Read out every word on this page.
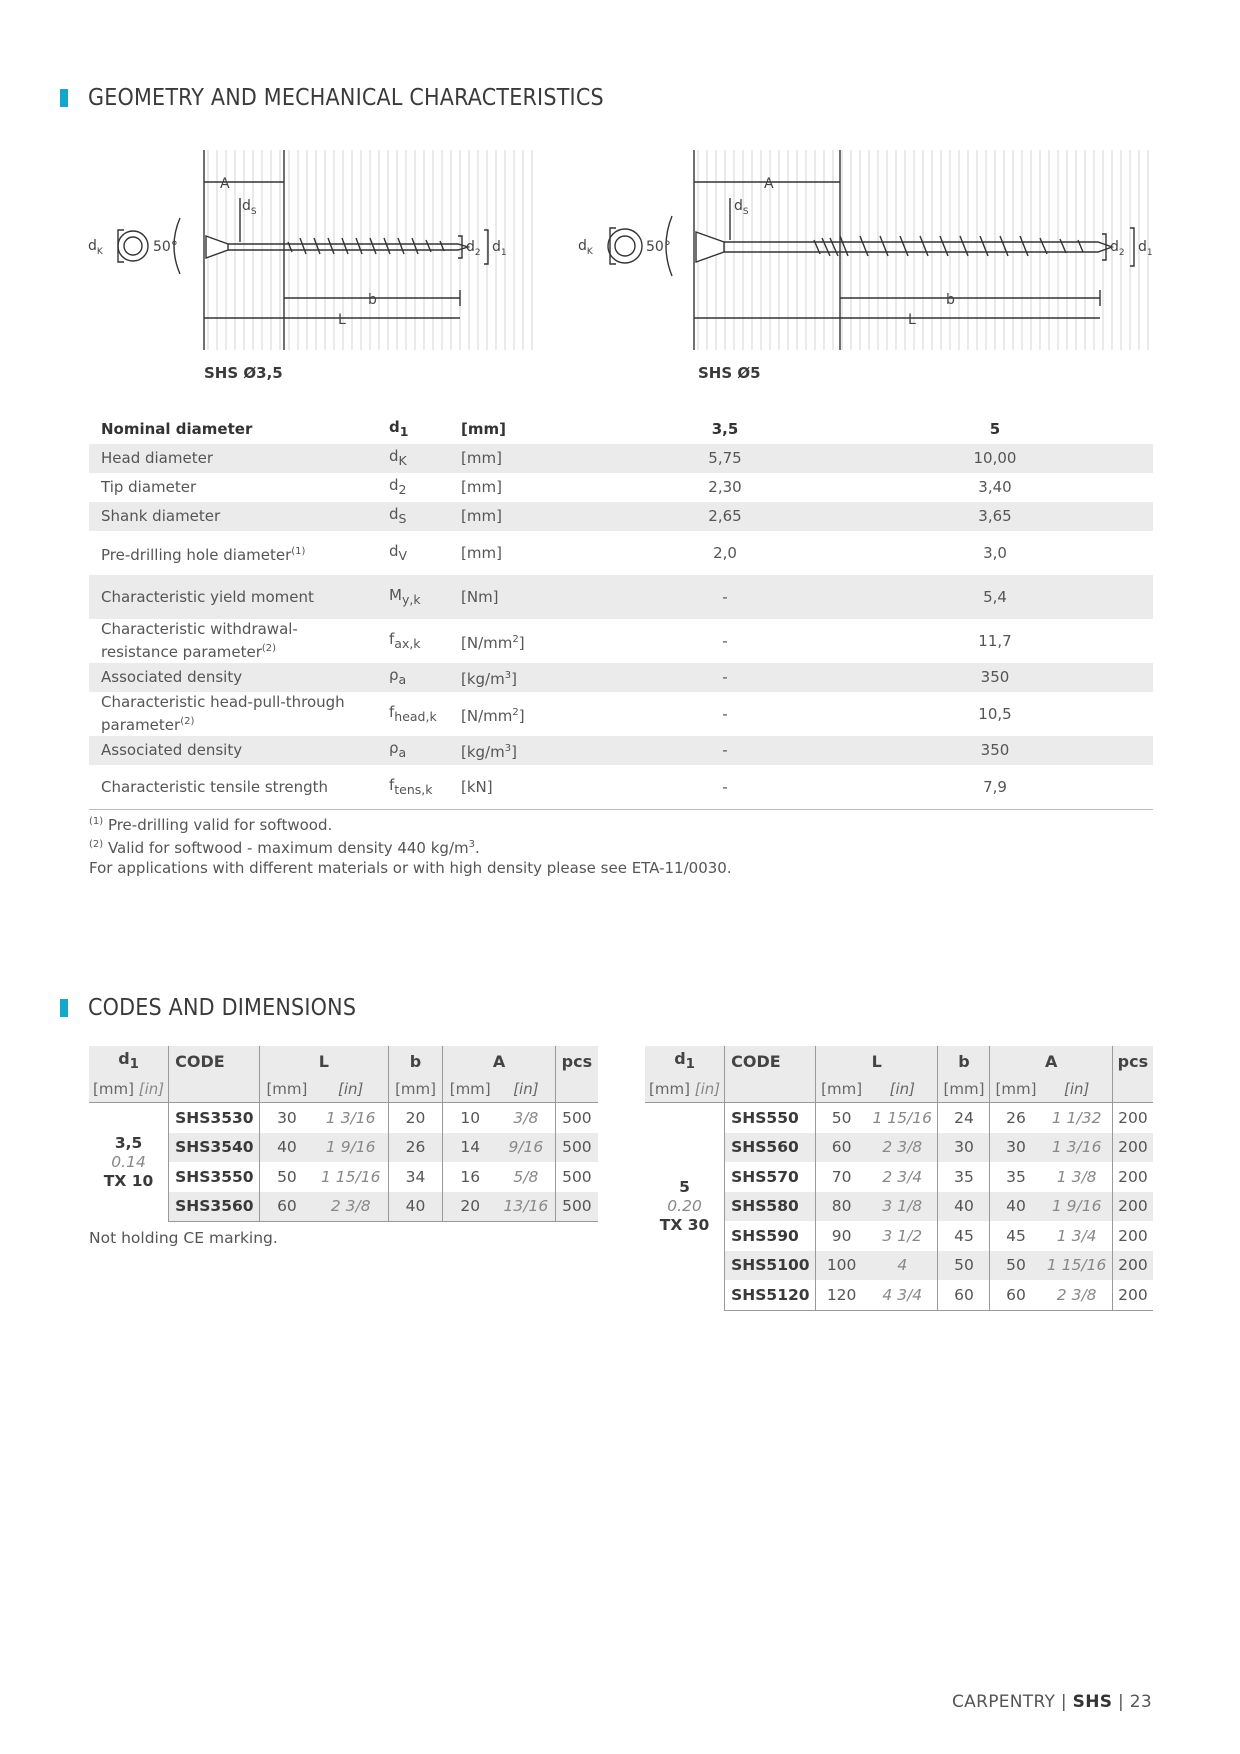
GEOMETRY AND MECHANICAL CHARACTERISTICS
A
$d_S$
$d_K$	50°	$d_2$ $d_1$
b
L
SHS Ø3,5
A
$d_S$
$d_K$	50°	$d_2$ $d_1$
b
L
SHS Ø5
Nominal diameter	$d_1$	[mm]	3,5	5
Head diameter	$d_K$	[mm]	5,75	10,00
Tip diameter	$d_2$	[mm]	2,30	3,40
Shank diameter	$d_S$	[mm]	2,65	3,65
Pre-drilling hole diameter$^{(1)}$	$d_V$	[mm]	2,0	3,0
Characteristic yield moment	$M_{y,k}$	[Nm]	-	5,4
Characteristic withdrawal-resistance parameter$^{(2)}$	$f_{ax,k}$	$[N/mm^2]$	-	11,7
Associated density	$\rho_a$	$[kg/m^3]$	-	350
Characteristic head-pull-through parameter$^{(2)}$	$f_{head,k}$	$[N/mm^2]$	-	10,5
Associated density	$\rho_a$	$[kg/m^3]$	-	350
Characteristic tensile strength	$f_{tens,k}$	[kN]	-	7,9
$^{(1)}$ Pre-drilling valid for softwood.
$^{(2)}$ Valid for softwood - maximum density 440 $kg/m^3$.
For applications with different materials or with high density please see ETA-11/0030.
CODES AND DIMENSIONS
$d_1$	CODE	L		b	A		pcs
[mm] [in]		[mm]	[in]	[mm]	[mm]	[in]	

3,5
0.14
TX 10	SHS3530	30	1 3/16	20	10	3/8	500
	SHS3540	40	1 9/16	26	14	9/16	500
	SHS3550	50	1 15/16	34	16	5/8	500
	SHS3560	60	2 3/8	40	20	13/16	500
$d_1$	CODE	L		b	A		pcs
[mm] [in]		[mm]	[in]	[mm]	[mm]	[in]	

5
0.20
TX 30	SHS550	50	1 15/16	24	26	1 1/32	200
	SHS560	60	2 3/8	30	30	1 3/16	200
	SHS570	70	2 3/4	35	35	1 3/8	200
	SHS580	80	3 1/8	40	40	1 9/16	200
	SHS590	90	3 1/2	45	45	1 3/4	200
	SHS5100	100	4	50	50	1 15/16	200
	SHS5120	120	4 3/4	60	60	2 3/8	200
Not holding CE marking.
CARPENTRY | SHS | 23
